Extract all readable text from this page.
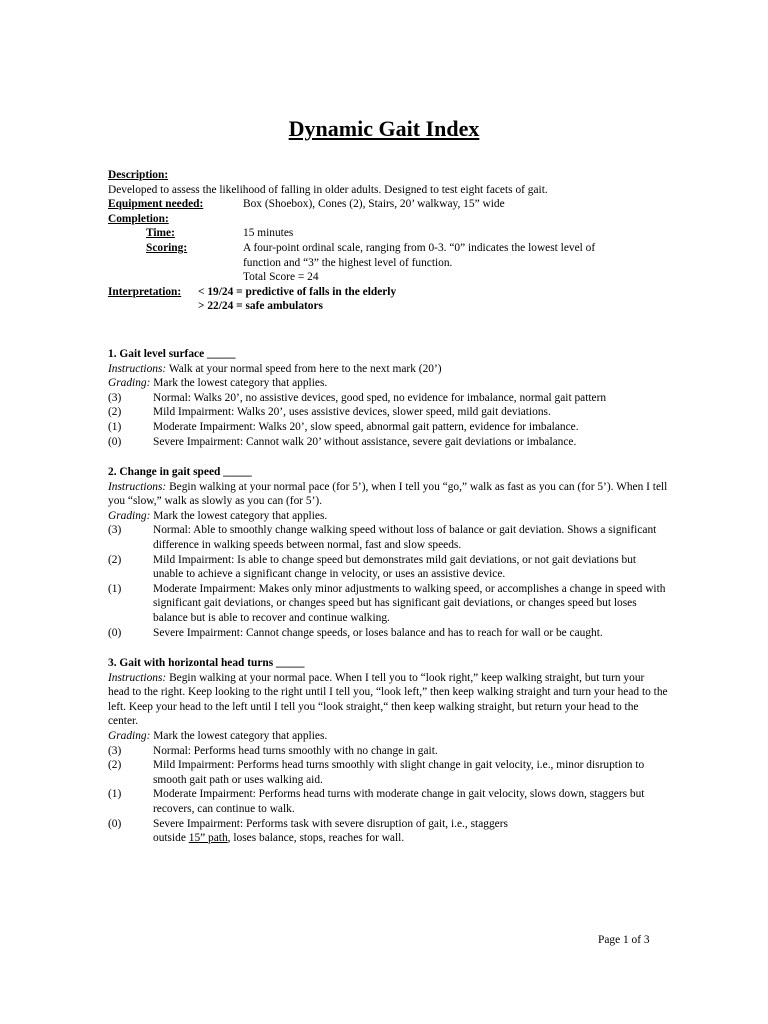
Dynamic Gait Index
Description:
Developed to assess the likelihood of falling in older adults. Designed to test eight facets of gait.
Equipment needed:	Box (Shoebox), Cones (2), Stairs, 20’ walkway, 15” wide
Completion:
Time:	15 minutes
Scoring:	A four-point ordinal scale, ranging from 0-3. “0” indicates the lowest level of
function and “3” the highest level of function.
Total Score = 24
Interpretation: < 19/24 = predictive of falls in the elderly
> 22/24 = safe ambulators
1. Gait level surface _____
Instructions: Walk at your normal speed from here to the next mark (20’)
Grading: Mark the lowest category that applies.
(3)	Normal: Walks 20’, no assistive devices, good sped, no evidence for imbalance, normal gait pattern
(2)	Mild Impairment: Walks 20’, uses assistive devices, slower speed, mild gait deviations.
(1)	Moderate Impairment: Walks 20’, slow speed, abnormal gait pattern, evidence for imbalance.
(0)	Severe Impairment: Cannot walk 20’ without assistance, severe gait deviations or imbalance.
2. Change in gait speed _____
Instructions: Begin walking at your normal pace (for 5’), when I tell you “go,” walk as fast as you can (for 5’). When I tell you “slow,” walk as slowly as you can (for 5’).
Grading: Mark the lowest category that applies.
(3)	Normal: Able to smoothly change walking speed without loss of balance or gait deviation. Shows a significant difference in walking speeds between normal, fast and slow speeds.
(2)	Mild Impairment: Is able to change speed but demonstrates mild gait deviations, or not gait deviations but unable to achieve a significant change in velocity, or uses an assistive device.
(1)	Moderate Impairment: Makes only minor adjustments to walking speed, or accomplishes a change in speed with significant gait deviations, or changes speed but has significant gait deviations, or changes speed but loses balance but is able to recover and continue walking.
(0)	Severe Impairment: Cannot change speeds, or loses balance and has to reach for wall or be caught.
3. Gait with horizontal head turns _____
Instructions: Begin walking at your normal pace. When I tell you to “look right,” keep walking straight, but turn your head to the right. Keep looking to the right until I tell you, “look left,” then keep walking straight and turn your head to the left. Keep your head to the left until I tell you “look straight,“ then keep walking straight, but return your head to the center.
Grading: Mark the lowest category that applies.
(3)	Normal: Performs head turns smoothly with no change in gait.
(2)	Mild Impairment: Performs head turns smoothly with slight change in gait velocity, i.e., minor disruption to smooth gait path or uses walking aid.
(1)	Moderate Impairment: Performs head turns with moderate change in gait velocity, slows down, staggers but recovers, can continue to walk.
(0)	Severe Impairment: Performs task with severe disruption of gait, i.e., staggers
outside 15” path, loses balance, stops, reaches for wall.
Page 1 of 3
